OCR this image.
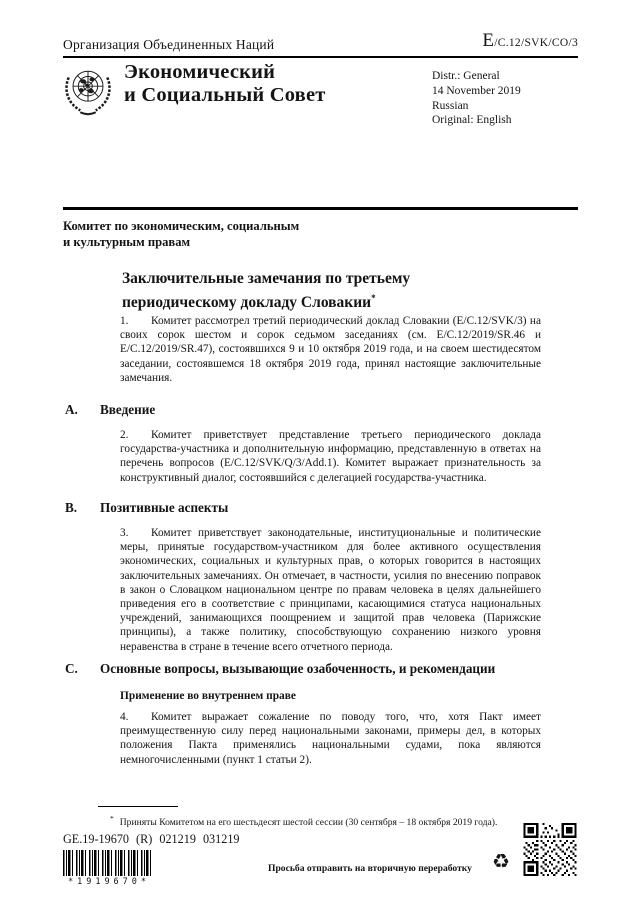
Организация Объединенных Наций	E/C.12/SVK/CO/3
Экономический
и Социальный Совет
Distr.: General
14 November 2019
Russian
Original: English
Комитет по экономическим, социальным
и культурным правам
Заключительные замечания по третьему периодическому докладу Словакии*

1. Комитет рассмотрел третий периодический доклад Словакии (E/C.12/SVK/3) на своих сорок шестом и сорок седьмом заседаниях (см. E/C.12/2019/SR.46 и E/C.12/2019/SR.47), состоявшихся 9 и 10 октября 2019 года, и на своем шестидесятом заседании, состоявшемся 18 октября 2019 года, принял настоящие заключительные замечания.

A. Введение

2. Комитет приветствует представление третьего периодического доклада государства-участника и дополнительную информацию, представленную в ответах на перечень вопросов (E/C.12/SVK/Q/3/Add.1). Комитет выражает признательность за конструктивный диалог, состоявшийся с делегацией государства-участника.

B. Позитивные аспекты

3. Комитет приветствует законодательные, институциональные и политические меры, принятые государством-участником для более активного осуществления экономических, социальных и культурных прав, о которых говорится в настоящих заключительных замечаниях. Он отмечает, в частности, усилия по внесению поправок в закон о Словацком национальном центре по правам человека в целях дальнейшего приведения его в соответствие с принципами, касающимися статуса национальных учреждений, занимающихся поощрением и защитой прав человека (Парижские принципы), а также политику, способствующую сохранению низкого уровня неравенства в стране в течение всего отчетного периода.

C. Основные вопросы, вызывающие озабоченность, и рекомендации
Применение во внутреннем праве

4. Комитет выражает сожаление по поводу того, что, хотя Пакт имеет преимущественную силу перед национальными законами, примеры дел, в которых положения Пакта применялись национальными судами, пока являются немногочисленными (пункт 1 статьи 2).

* Приняты Комитетом на его шестьдесят шестой сессии (30 сентября – 18 октября 2019 года).
GE.19-19670 (R) 021219 031219
*1919670*
Просьба отправить на вторичную переработку ♻
